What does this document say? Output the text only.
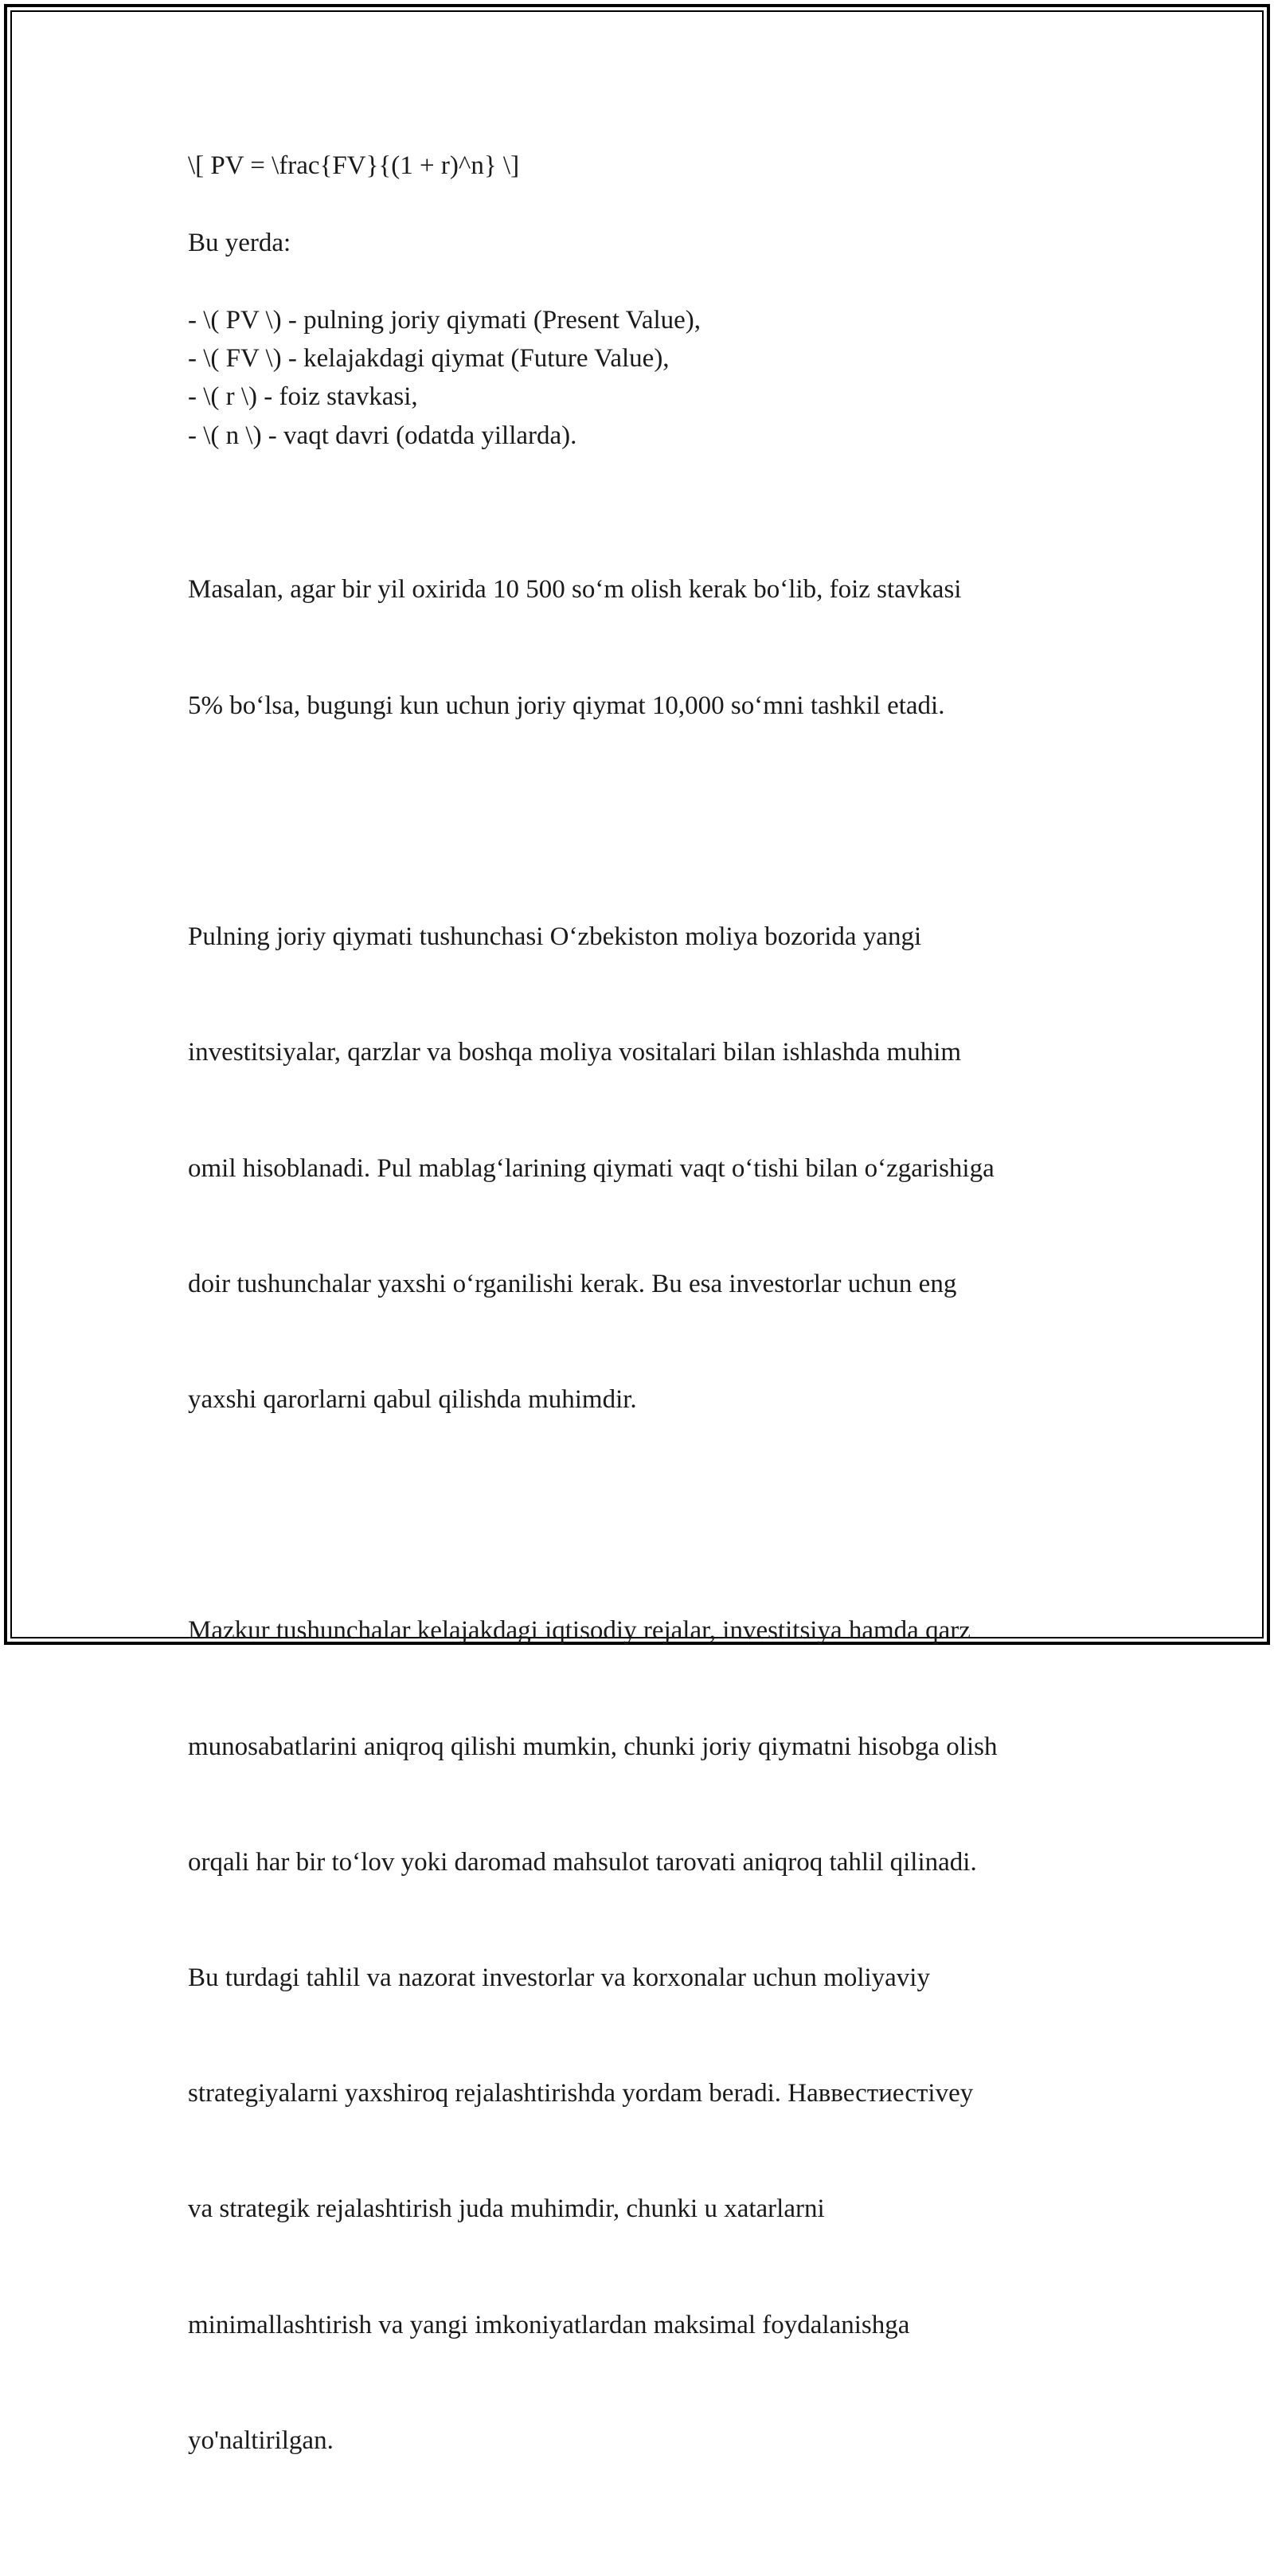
\[ PV = \frac{FV}{(1 + r)^n} \]

Bu yerda:

- \( PV \) - pulning joriy qiymati (Present Value),
- \( FV \) - kelajakdagi qiymat (Future Value),
- \( r \) - foiz stavkasi,
- \( n \) - vaqt davri (odatda yillarda).

Masalan, agar bir yil oxirida 10 500 so‘m olish kerak bo‘lib, foiz stavkasi

5% bo‘lsa, bugungi kun uchun joriy qiymat 10,000 so‘mni tashkil etadi.

Pulning joriy qiymati tushunchasi O‘zbekiston moliya bozorida yangi

investitsiyalar, qarzlar va boshqa moliya vositalari bilan ishlashda muhim

omil hisoblanadi. Pul mablag‘larining qiymati vaqt o‘tishi bilan o‘zgarishiga

doir tushunchalar yaxshi o‘rganilishi kerak. Bu esa investorlar uchun eng

yaxshi qarorlarni qabul qilishda muhimdir.

Mazkur tushunchalar kelajakdagi iqtisodiy rejalar, investitsiya hamda qarz

munosabatlarini aniqroq qilishi mumkin, chunki joriy qiymatni hisobga olish

orqali har bir to‘lov yoki daromad mahsulot tarovati aniqroq tahlil qilinadi.

Bu turdagi tahlil va nazorat investorlar va korxonalar uchun moliyaviy

strategiyalarni yaxshiroq rejalashtirishda yordam beradi. Наввестиестivey

va strategik rejalashtirish juda muhimdir, chunki u xatarlarni

minimallashtirish va yangi imkoniyatlardan maksimal foydalanishga

yo'naltirilgan.
